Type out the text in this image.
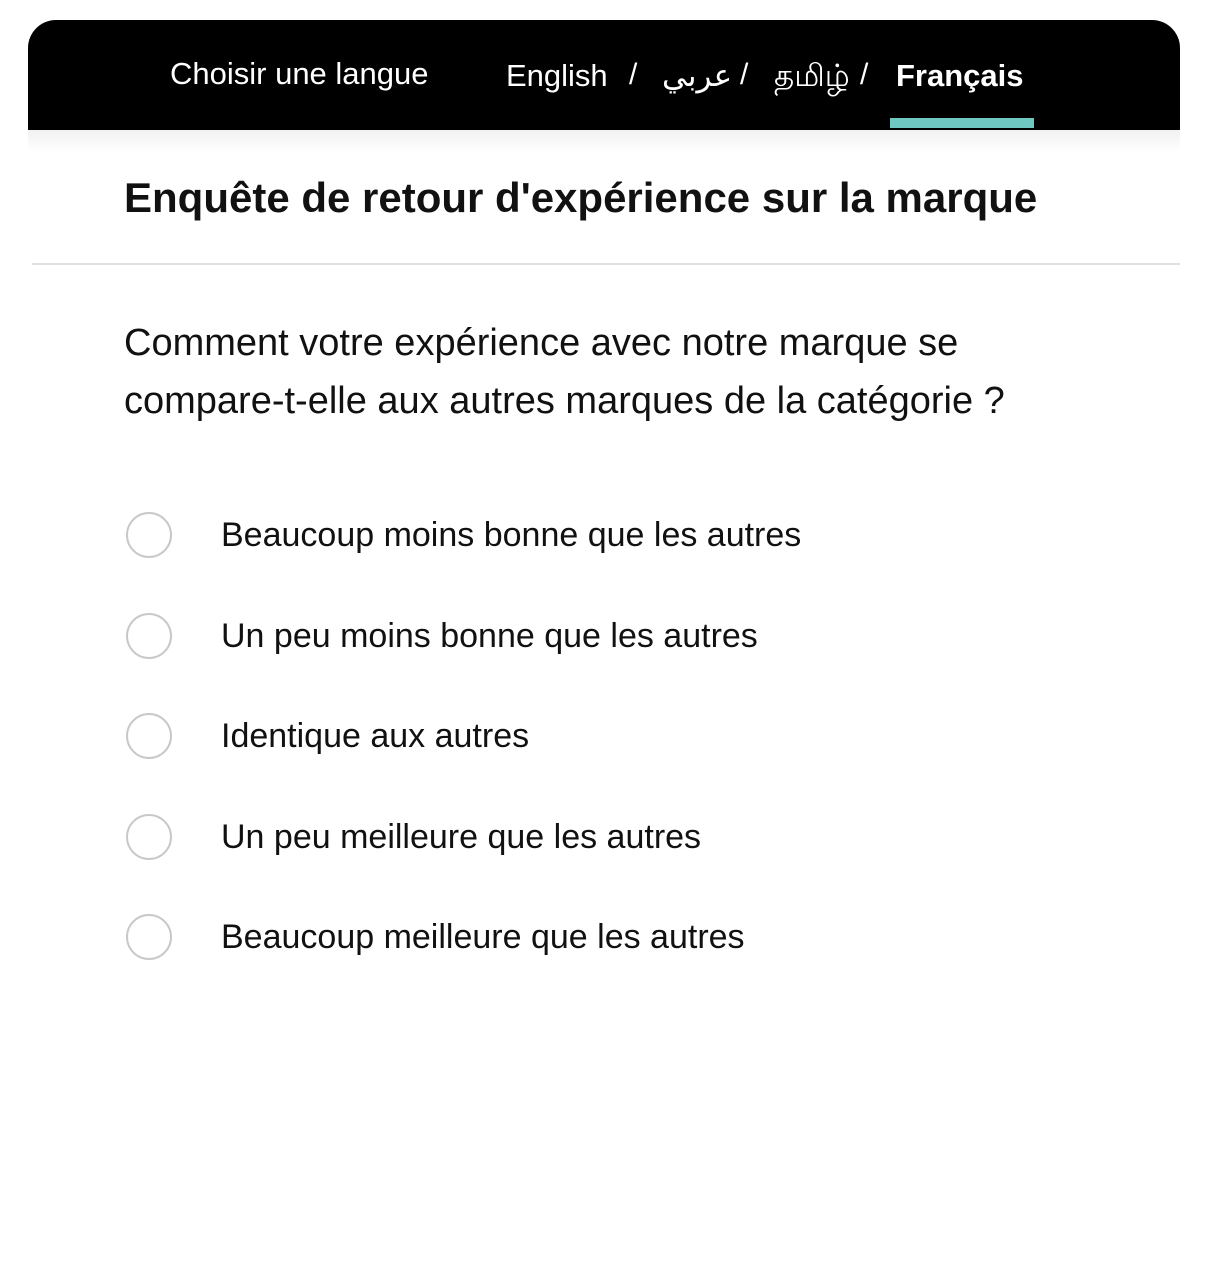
Choisir une langue English / عربي / தமிழ் / Français
Enquête de retour d'expérience sur la marque
Comment votre expérience avec notre marque se compare-t-elle aux autres marques de la catégorie ?
Beaucoup moins bonne que les autres
Un peu moins bonne que les autres
Identique aux autres
Un peu meilleure que les autres
Beaucoup meilleure que les autres
